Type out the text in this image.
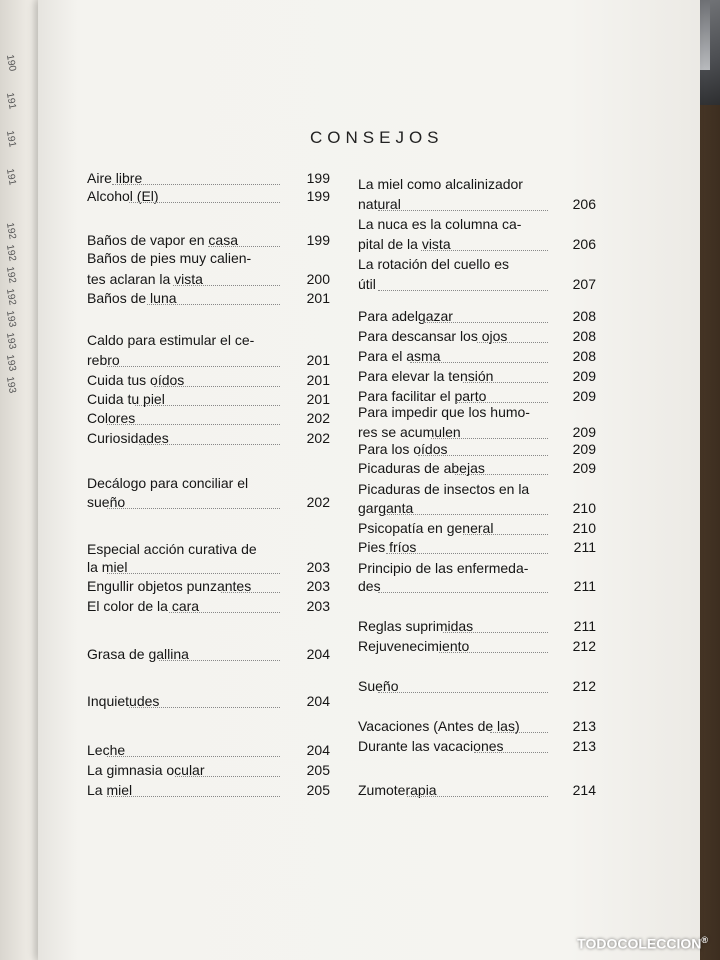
190
191
191
191
192
192
192
192
193
193
193
193
CONSEJOS
Aire libre	199
Alcohol (El)	199
Baños de vapor en casa	199
Baños de pies muy calien-
tes aclaran la vista	200
Baños de luna	201
Caldo para estimular el ce-
rebro	201
Cuida tus oídos	201
Cuida tu piel	201
Colores	202
Curiosidades	202
Decálogo para conciliar el
sueño	202
Especial acción curativa de
la miel	203
Engullir objetos punzantes	203
El color de la cara	203
Grasa de gallina	204
Inquietudes	204
Leche	204
La gimnasia ocular	205
La miel	205
La miel como alcalinizador
natural	206
La nuca es la columna ca-
pital de la vista	206
La rotación del cuello es
útil	207
Para adelgazar	208
Para descansar los ojos	208
Para el asma	208
Para elevar la tensión	209
Para facilitar el parto	209
Para impedir que los humo-
res se acumulen	209
Para los oídos	209
Picaduras de abejas	209
Picaduras de insectos en la
garganta	210
Psicopatía en general	210
Pies fríos	211
Principio de las enfermeda-
des	211
Reglas suprimidas	211
Rejuvenecimiento	212
Sueño	212
Vacaciones (Antes de las)	213
Durante las vacaciones	213
Zumoterapia	214
TODOCOLECCION®
